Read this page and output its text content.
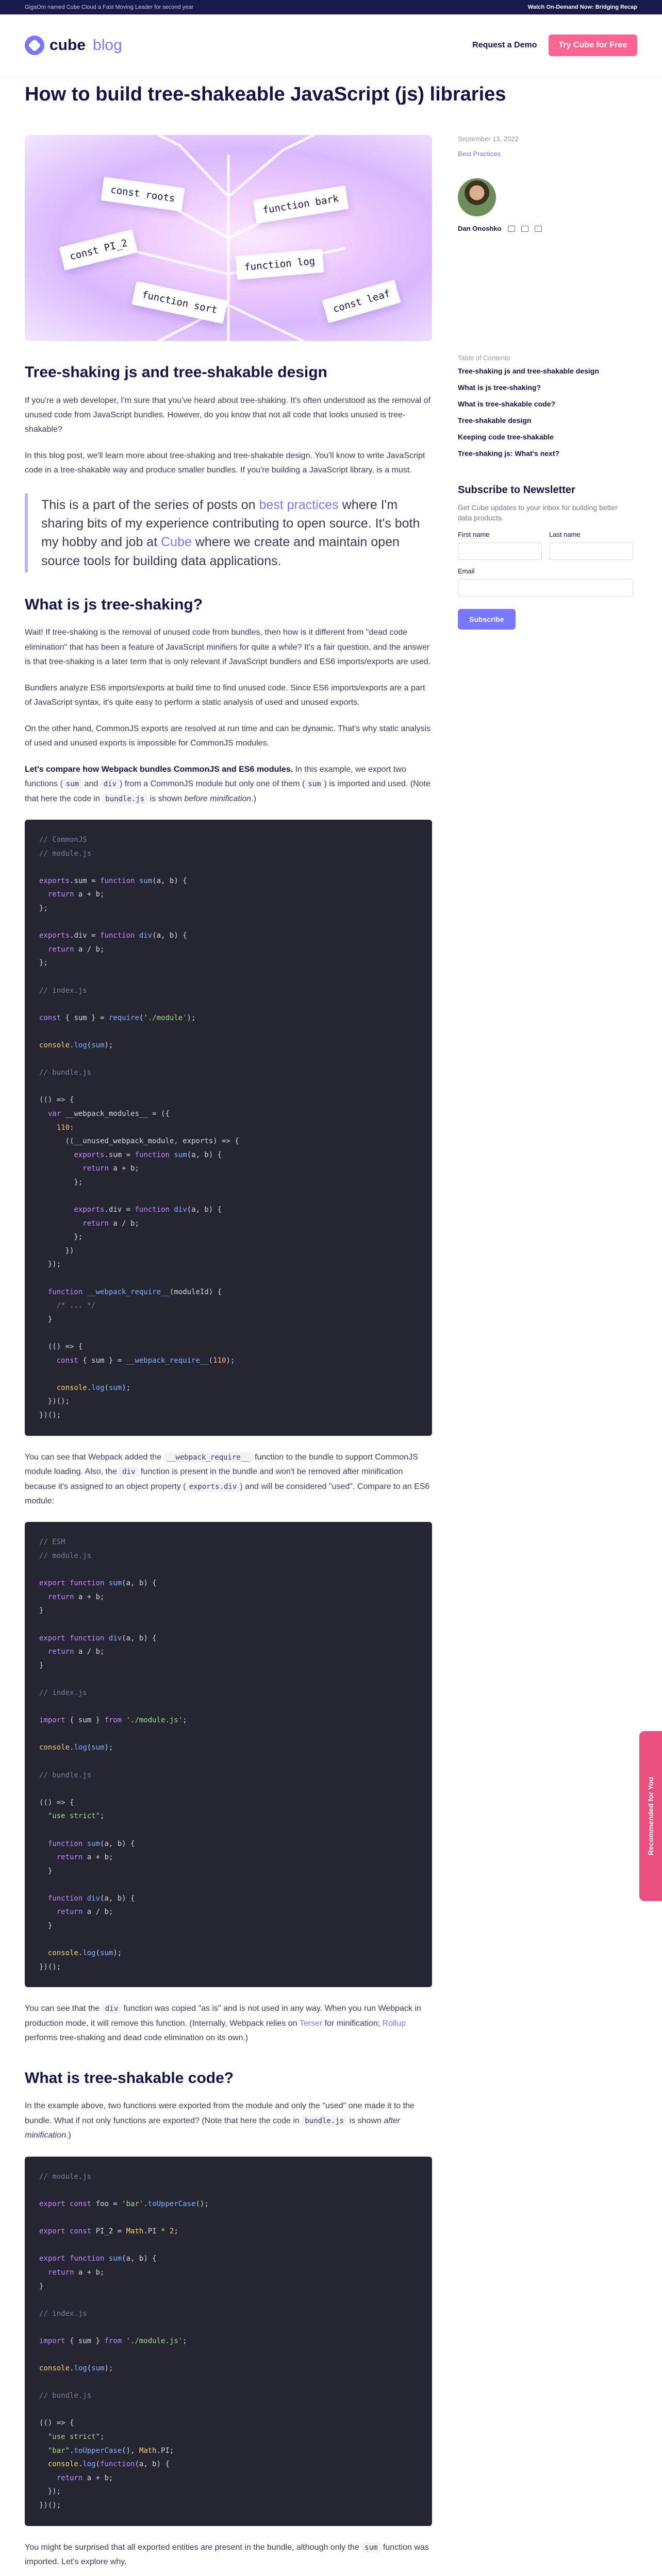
GigaOm named Cube Cloud a Fast Moving Leader for second year	Watch On-Demand Now: Bridging Recap
cube blog	Request a Demo	Try Cube for Free
How to build tree-shakeable JavaScript (js) libraries
const roots	function bark
const PI_2
function log
function sort	const leaf
September 13, 2022
Best Practices
Dan Onoshko
Table of Contents
Tree-shaking js and tree-shakable design
What is js tree-shaking?
What is tree-shakable code?
Tree-shakable design
Keeping code tree-shakable
Tree-shaking js: What's next?
Subscribe to Newsletter
Get Cube updates to your inbox for building better data products.
First name	Last name
Email
Subscribe
Recommended for You
Tree-shaking js and tree-shakable design

If you're a web developer, I'm sure that you've heard about tree-shaking. It's often understood as the removal of unused code from JavaScript bundles. However, do you know that not all code that looks unused is tree-shakable?

In this blog post, we'll learn more about tree-shaking and tree-shakable design. You'll know to write JavaScript code in a tree-shakable way and produce smaller bundles. If you're building a JavaScript library, is a must.

This is a part of the series of posts on best practices where I'm sharing bits of my experience contributing to open source. It's both my hobby and job at Cube where we create and maintain open source tools for building data applications.
What is js tree-shaking?

Wait! If tree-shaking is the removal of unused code from bundles, then how is it different from "dead code elimination" that has been a feature of JavaScript minifiers for quite a while? It's a fair question, and the answer is that tree-shaking is a later term that is only relevant if JavaScript bundlers and ES6 imports/exports are used.

Bundlers analyze ES6 imports/exports at build time to find unused code. Since ES6 imports/exports are a part of JavaScript syntax, it's quite easy to perform a static analysis of used and unused exports.

On the other hand, CommonJS exports are resolved at run time and can be dynamic. That's why static analysis of used and unused exports is impossible for CommonJS modules.

Let's compare how Webpack bundles CommonJS and ES6 modules. In this example, we export two functions ( sum and div ) from a CommonJS module but only one of them ( sum ) is imported and used. (Note that here the code in bundle.js is shown before minification.)

// CommonJS
// module.js

exports.sum = function sum(a, b) {
return a + b;
};

exports.div = function div(a, b) {
return a / b;
};

// index.js

const { sum } = require('./module');

console.log(sum);

// bundle.js

(() => {
var __webpack_modules__ = ({
110:
((__unused_webpack_module, exports) => {
exports.sum = function sum(a, b) {
return a + b;
};

exports.div = function div(a, b) {
return a / b;
};
})
});

function __webpack_require__(moduleId) {
/* ... */
}

(() => {
const { sum } = __webpack_require__(110);

console.log(sum);
})();
})();

You can see that Webpack added the __webpack_require__ function to the bundle to support CommonJS module loading. Also, the div function is present in the bundle and won't be removed after minification because it's assigned to an object property ( exports.div ) and will be considered "used". Compare to an ES6 module:

// ESM
// module.js

export function sum(a, b) {
return a + b;
}

export function div(a, b) {
return a / b;
}

// index.js

import { sum } from './module.js';

console.log(sum);

// bundle.js

(() => {
"use strict";

function sum(a, b) {
return a + b;
}

function div(a, b) {
return a / b;
}

console.log(sum);
})();

You can see that the div function was copied "as is" and is not used in any way. When you run Webpack in production mode, it will remove this function. (Internally, Webpack relies on Terser for minification; Rollup performs tree-shaking and dead code elimination on its own.)

What is tree-shakable code?

In the example above, two functions were exported from the module and only the "used" one made it to the bundle. What if not only functions are exported? (Note that here the code in bundle.js is shown after minification.)

// module.js

export const foo = 'bar'.toUpperCase();

export const PI_2 = Math.PI * 2;

export function sum(a, b) {
return a + b;
}

// index.js

import { sum } from './module.js';

console.log(sum);

// bundle.js

(() => {
"use strict";
"bar".toUpperCase(), Math.PI;
console.log(function(a, b) {
return a + b;
});
})();

You might be surprised that all exported entities are present in the bundle, although only the sum function was imported. Let's explore why.
